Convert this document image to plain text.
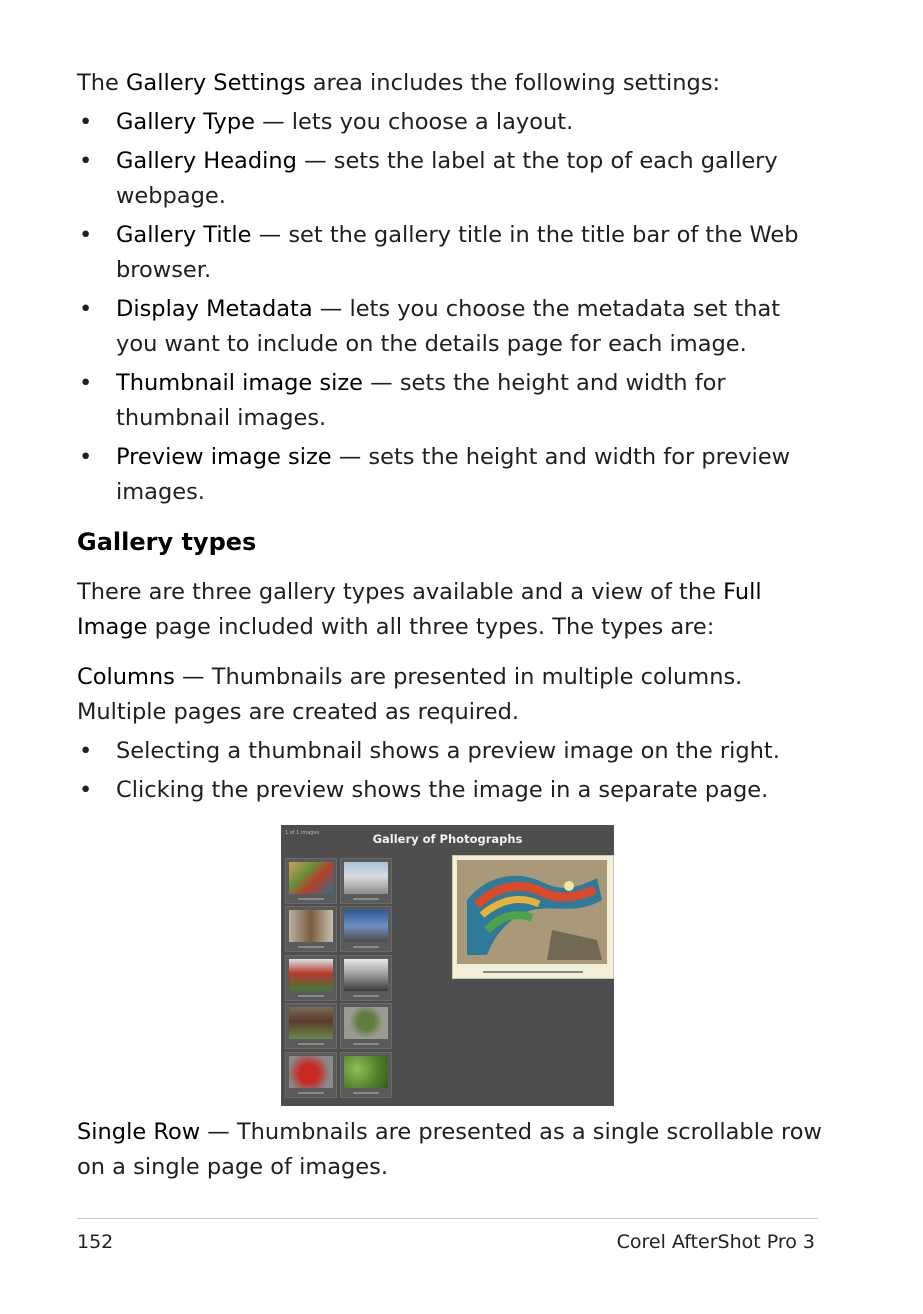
The Gallery Settings area includes the following settings:

• Gallery Type — lets you choose a layout.
• Gallery Heading — sets the label at the top of each gallery webpage.
• Gallery Title — set the gallery title in the title bar of the Web browser.
• Display Metadata — lets you choose the metadata set that you want to include on the details page for each image.
• Thumbnail image size — sets the height and width for thumbnail images.
• Preview image size — sets the height and width for preview images.
Gallery types

There are three gallery types available and a view of the Full Image page included with all three types. The types are:

Columns — Thumbnails are presented in multiple columns. Multiple pages are created as required.

• Selecting a thumbnail shows a preview image on the right.
• Clicking the preview shows the image in a separate page.
1 of 1 images	Gallery of Photographs

Single Row — Thumbnails are presented as a single scrollable row on a single page of images.

152	Corel AfterShot Pro 3
